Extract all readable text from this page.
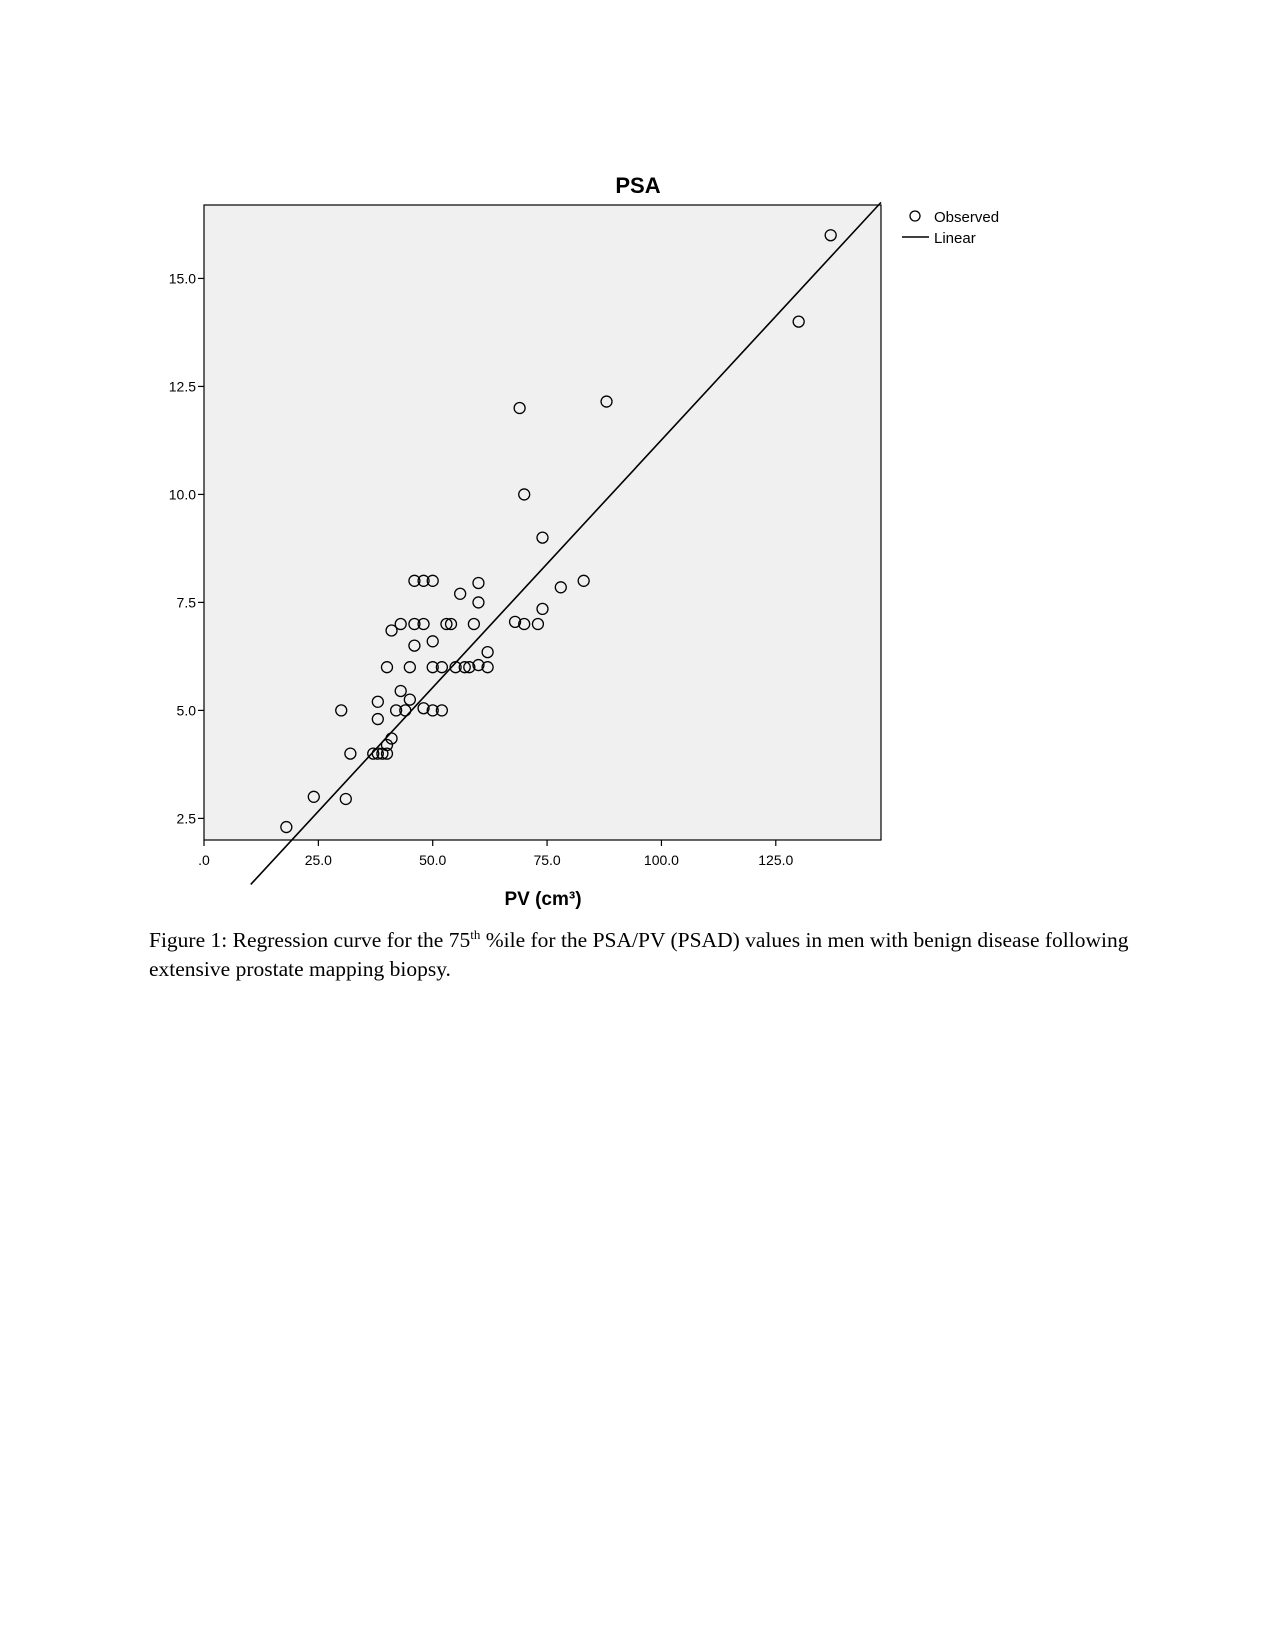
2.5
5.0
7.5
10.0
12.5
15.0
.0	25.0	50.0	75.0	100.0	125.0
PSA
PV (cm³)
Observed
Linear
Figure 1: Regression curve for the 75th %ile for the PSA/PV (PSAD) values in men with benign disease following extensive prostate mapping biopsy.
